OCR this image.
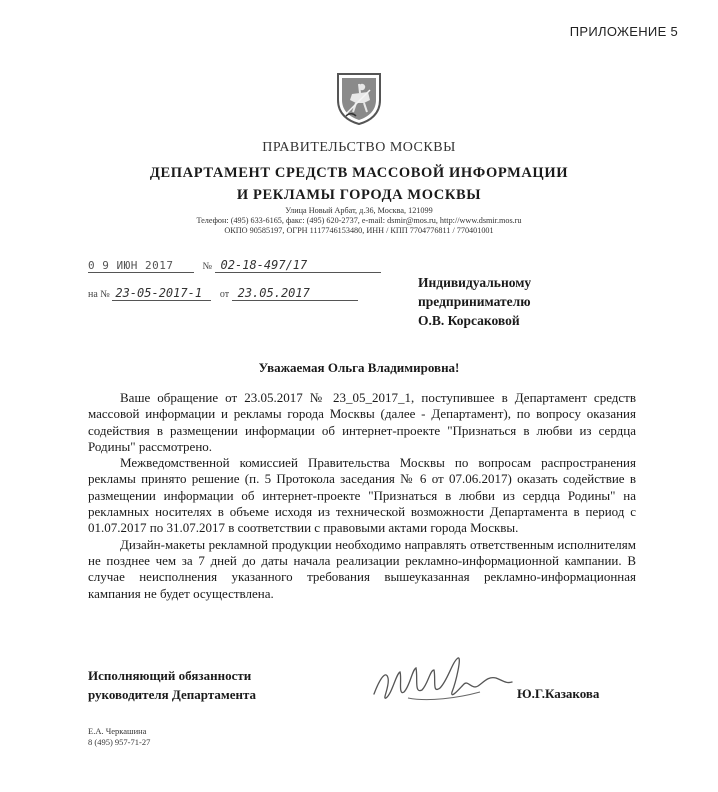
ПРИЛОЖЕНИЕ 5
ПРАВИТЕЛЬСТВО МОСКВЫ
ДЕПАРТАМЕНТ СРЕДСТВ МАССОВОЙ ИНФОРМАЦИИ
И РЕКЛАМЫ ГОРОДА МОСКВЫ
Улица Новый Арбат, д.36, Москва, 121099
Телефон: (495) 633-6165, факс: (495) 620-2737, e-mail: dsmir@mos.ru, http://www.dsmir.mos.ru
ОКПО 90585197, ОГРН 1117746153480, ИНН / КПП 7704776811 / 770401001
0 9 ИЮН 2017	№ 02-18-497/17
на № 23-05-2017-1 от 23.05.2017
Индивидуальному
предпринимателю
О.В. Корсаковой
Уважаемая Ольга Владимировна!

Ваше обращение от 23.05.2017 № 23_05_2017_1, поступившее в Департамент средств массовой информации и рекламы города Москвы (далее - Департамент), по вопросу оказания содействия в размещении информации об интернет-проекте "Признаться в любви из сердца Родины" рассмотрено.

Межведомственной комиссией Правительства Москвы по вопросам распространения рекламы принято решение (п. 5 Протокола заседания № 6 от 07.06.2017) оказать содействие в размещении информации об интернет-проекте "Признаться в любви из сердца Родины" на рекламных носителях в объеме исходя из технической возможности Департамента в период с 01.07.2017 по 31.07.2017 в соответствии с правовыми актами города Москвы.

Дизайн-макеты рекламной продукции необходимо направлять ответственным исполнителям не позднее чем за 7 дней до даты начала реализации рекламно-информационной кампании. В случае неисполнения указанного требования вышеуказанная рекламно-информационная кампания не будет осуществлена.

Исполняющий обязанности
руководителя Департамента	Ю.Г.Казакова
Е.А. Черкашина
8 (495) 957-71-27
